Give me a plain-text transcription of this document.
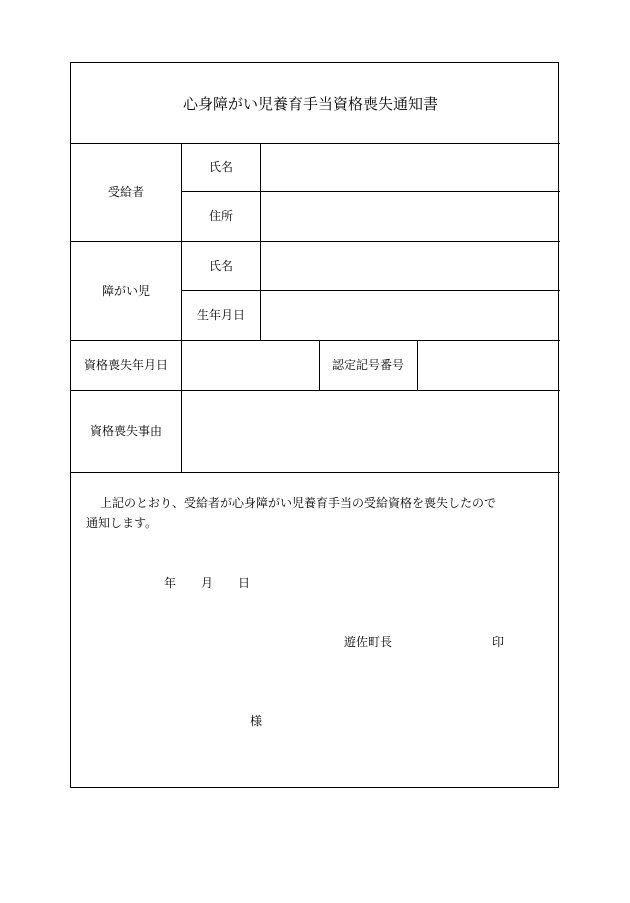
心身障がい児養育手当資格喪失通知書
受給者
氏名
住所
障がい児
氏名
生年月日
資格喪失年月日	認定記号番号
資格喪失事由
上記のとおり、受給者が心身障がい児養育手当の受給資格を喪失したので
通知します。
年 月 日
遊佐町長	印
様
